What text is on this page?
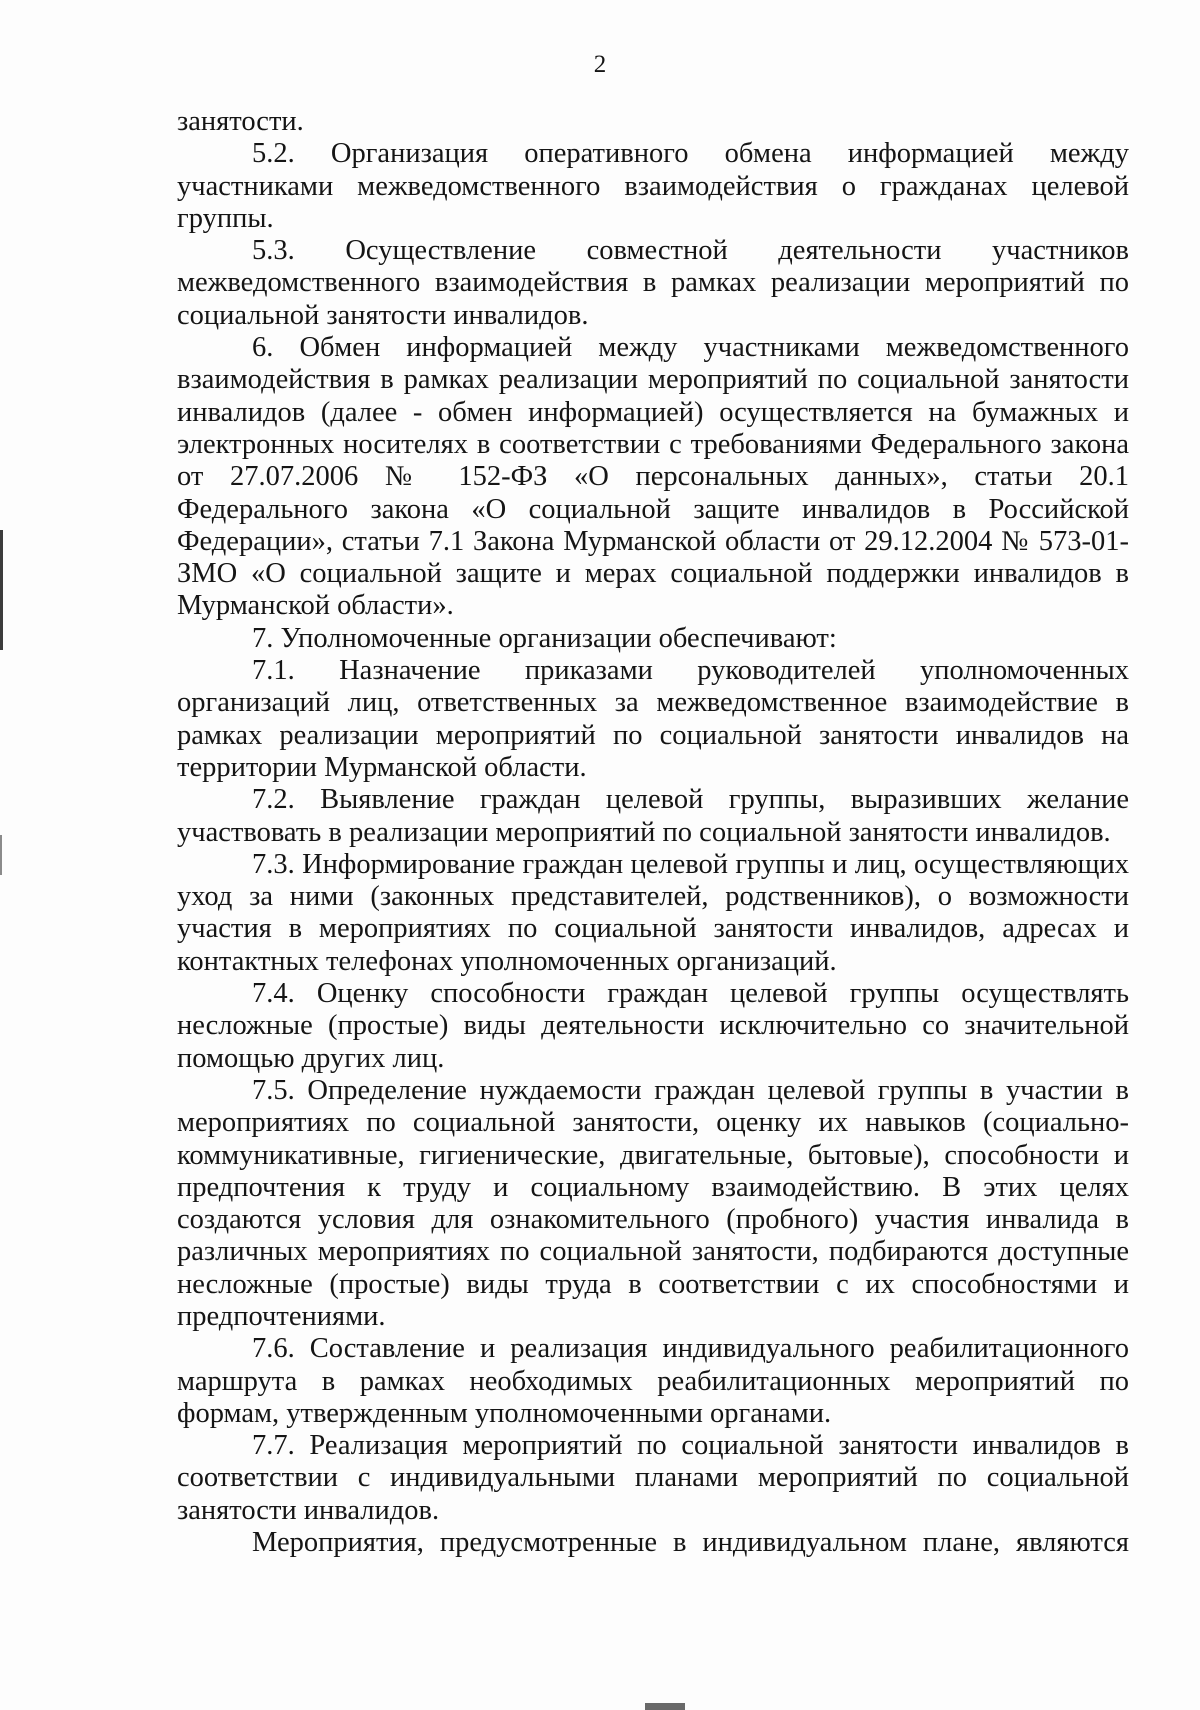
2

занятости.

5.2. Организация оперативного обмена информацией между участниками межведомственного взаимодействия о гражданах целевой группы.

5.3. Осуществление совместной деятельности участников межведомственного взаимодействия в рамках реализации мероприятий по социальной занятости инвалидов.

6. Обмен информацией между участниками межведомственного взаимодействия в рамках реализации мероприятий по социальной занятости инвалидов (далее - обмен информацией) осуществляется на бумажных и электронных носителях в соответствии с требованиями Федерального закона от 27.07.2006 № 152-ФЗ «О персональных данных», статьи 20.1 Федерального закона «О социальной защите инвалидов в Российской Федерации», статьи 7.1 Закона Мурманской области от 29.12.2004 № 573-01-ЗМО «О социальной защите и мерах социальной поддержки инвалидов в Мурманской области».

7. Уполномоченные организации обеспечивают:

7.1. Назначение приказами руководителей уполномоченных организаций лиц, ответственных за межведомственное взаимодействие в рамках реализации мероприятий по социальной занятости инвалидов на территории Мурманской области.

7.2. Выявление граждан целевой группы, выразивших желание участвовать в реализации мероприятий по социальной занятости инвалидов.

7.3. Информирование граждан целевой группы и лиц, осуществляющих уход за ними (законных представителей, родственников), о возможности участия в мероприятиях по социальной занятости инвалидов, адресах и контактных телефонах уполномоченных организаций.

7.4. Оценку способности граждан целевой группы осуществлять несложные (простые) виды деятельности исключительно со значительной помощью других лиц.

7.5. Определение нуждаемости граждан целевой группы в участии в мероприятиях по социальной занятости, оценку их навыков (социально-коммуникативные, гигиенические, двигательные, бытовые), способности и предпочтения к труду и социальному взаимодействию. В этих целях создаются условия для ознакомительного (пробного) участия инвалида в различных мероприятиях по социальной занятости, подбираются доступные несложные (простые) виды труда в соответствии с их способностями и предпочтениями.

7.6. Составление и реализация индивидуального реабилитационного маршрута в рамках необходимых реабилитационных мероприятий по формам, утвержденным уполномоченными органами.

7.7. Реализация мероприятий по социальной занятости инвалидов в соответствии с индивидуальными планами мероприятий по социальной занятости инвалидов.

Мероприятия, предусмотренные в индивидуальном плане, являются
